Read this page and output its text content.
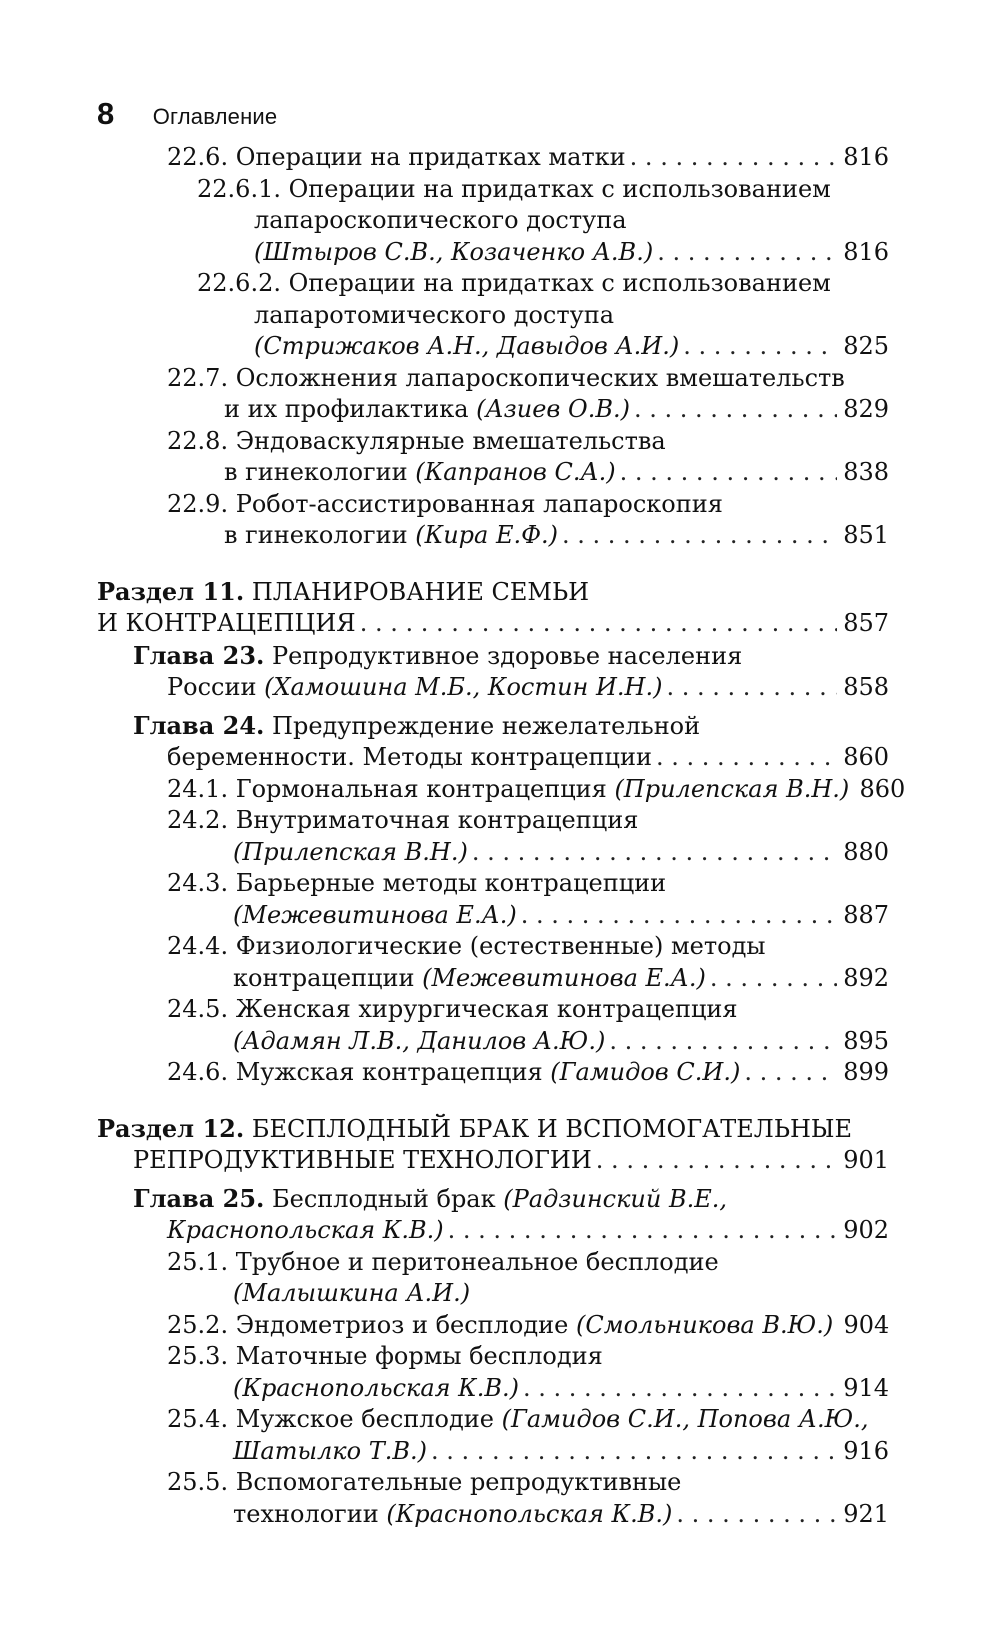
8 Оглавление
22.6. Операции на придатках матки . . .	816
22.6.1. Операции на придатках с использованием
лапароскопического доступа
(Штыров С.В., Козаченко А.В.) . . .	816
22.6.2. Операции на придатках с использованием
лапаротомического доступа
(Стрижаков А.Н., Давыдов А.И.) . . .	825
22.7. Осложнения лапароскопических вмешательств
и их профилактика (Азиев О.В.) . . .	829
22.8. Эндоваскулярные вмешательства
в гинекологии (Капранов С.А.) . . .	838
22.9. Робот-ассистированная лапароскопия
в гинекологии (Кира Е.Ф.) . . .	851
Раздел 11. ПЛАНИРОВАНИЕ СЕМЬИ
И КОНТРАЦЕПЦИЯ . . .	857
Глава 23. Репродуктивное здоровье населения
России (Хамошина М.Б., Костин И.Н.) . . .	858
Глава 24. Предупреждение нежелательной
беременности. Методы контрацепции . . .	860
24.1. Гормональная контрацепция (Прилепская В.Н.) 860
24.2. Внутриматочная контрацепция
(Прилепская В.Н.) . . .	880
24.3. Барьерные методы контрацепции
(Межевитинова Е.А.) . . .	887
24.4. Физиологические (естественные) методы
контрацепции (Межевитинова Е.А.) . . .	892
24.5. Женская хирургическая контрацепция
(Адамян Л.В., Данилов А.Ю.) . . .	895
24.6. Мужская контрацепция (Гамидов С.И.) . . .	899
Раздел 12. БЕСПЛОДНЫЙ БРАК И ВСПОМОГАТЕЛЬНЫЕ
РЕПРОДУКТИВНЫЕ ТЕХНОЛОГИИ . . .	901
Глава 25. Бесплодный брак (Радзинский В.Е.,
Краснопольская К.В.) . . .	902
25.1. Трубное и перитонеальное бесплодие
(Малышкина А.И.)
25.2. Эндометриоз и бесплодие (Смольникова В.Ю.) 904
25.3. Маточные формы бесплодия
(Краснопольская К.В.) . . .	914
25.4. Мужское бесплодие (Гамидов С.И., Попова А.Ю.,
Шатылко Т.В.) . . .	916
25.5. Вспомогательные репродуктивные
технологии (Краснопольская К.В.) . . .	921
